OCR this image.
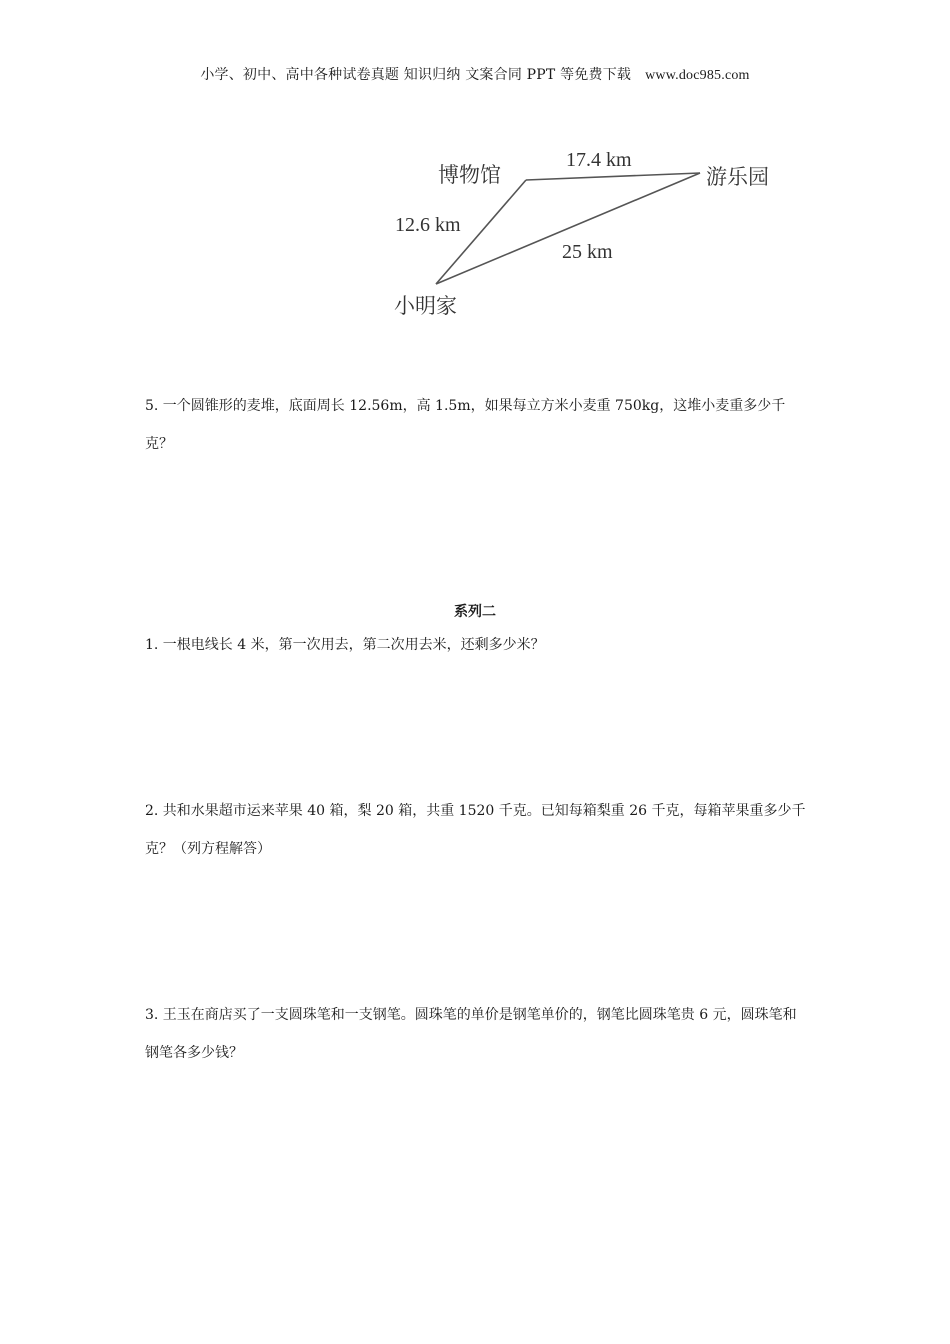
小学、初中、高中各种试卷真题 知识归纳 文案合同 PPT 等免费下载 www.doc985.com
博物馆	游乐园
小明家
17.4 km
12.6 km
25 km

5. 一个圆锥形的麦堆，底面周长 12.56m，高 1.5m，如果每立方米小麦重 750kg，这堆小麦重多少千克？

系列二

1. 一根电线长 4 米，第一次用去，第二次用去米，还剩多少米？

2. 共和水果超市运来苹果 40 箱，梨 20 箱，共重 1520 千克。已知每箱梨重 26 千克，每箱苹果重多少千克？（列方程解答）

3. 王玉在商店买了一支圆珠笔和一支钢笔。圆珠笔的单价是钢笔单价的，钢笔比圆珠笔贵 6 元，圆珠笔和钢笔各多少钱？
